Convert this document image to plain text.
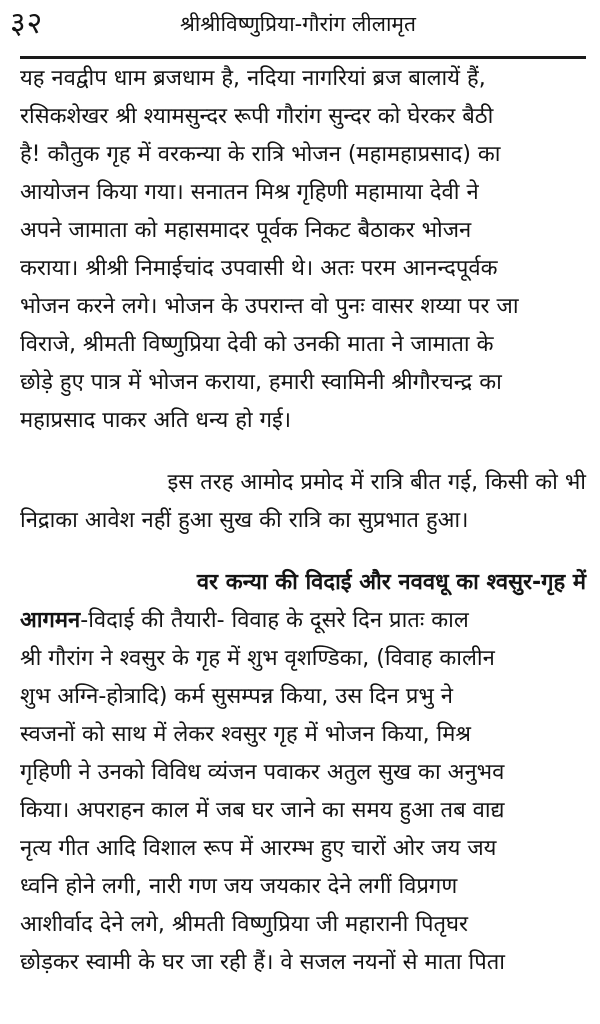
३२	श्रीश्रीविष्णुप्रिया-गौरांग लीलामृत
यह नवद्वीप धाम ब्रजधाम है, नदिया नागरियां ब्रज बालायें हैं,
रसिकशेखर श्री श्यामसुन्दर रूपी गौरांग सुन्दर को घेरकर बैठी
है! कौतुक गृह में वरकन्या के रात्रि भोजन (महामहाप्रसाद) का
आयोजन किया गया। सनातन मिश्र गृहिणी महामाया देवी ने
अपने जामाता को महासमादर पूर्वक निकट बैठाकर भोजन
कराया। श्रीश्री निमाईचांद उपवासी थे। अतः परम आनन्दपूर्वक
भोजन करने लगे। भोजन के उपरान्त वो पुनः वासर शय्या पर जा
विराजे, श्रीमती विष्णुप्रिया देवी को उनकी माता ने जामाता के
छोड़े हुए पात्र में भोजन कराया, हमारी स्वामिनी श्रीगौरचन्द्र का
महाप्रसाद पाकर अति धन्य हो गई।
इस तरह आमोद प्रमोद में रात्रि बीत गई, किसी को भी
निद्राका आवेश नहीं हुआ सुख की रात्रि का सुप्रभात हुआ।
वर कन्या की विदाई और नववधू का श्वसुर-गृह में
आगमन -विदाई की तैयारी- विवाह के दूसरे दिन प्रातः काल
श्री गौरांग ने श्वसुर के गृह में शुभ वृशण्डिका, (विवाह कालीन
शुभ अग्नि-होत्रादि) कर्म सुसम्पन्न किया, उस दिन प्रभु ने
स्वजनों को साथ में लेकर श्वसुर गृह में भोजन किया, मिश्र
गृहिणी ने उनको विविध व्यंजन पवाकर अतुल सुख का अनुभव
किया। अपराहन काल में जब घर जाने का समय हुआ तब वाद्य
नृत्य गीत आदि विशाल रूप में आरम्भ हुए चारों ओर जय जय
ध्वनि होने लगी, नारी गण जय जयकार देने लगीं विप्रगण
आशीर्वाद देने लगे, श्रीमती विष्णुप्रिया जी महारानी पितृघर
छोड़कर स्वामी के घर जा रही हैं। वे सजल नयनों से माता पिता
